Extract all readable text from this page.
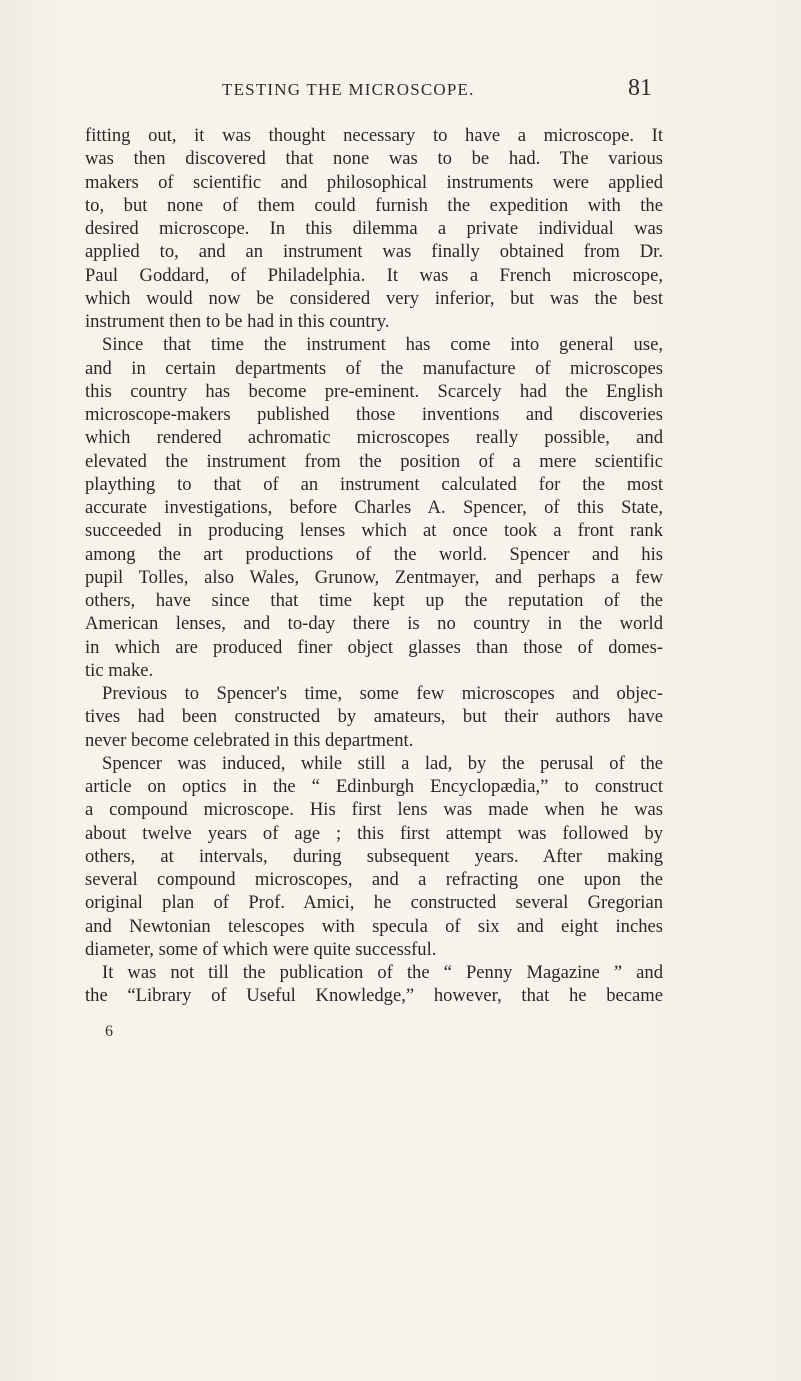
TESTING THE MICROSCOPE.	81
fitting out, it was thought necessary to have a microscope. It
was then discovered that none was to be had. The various
makers of scientific and philosophical instruments were applied
to, but none of them could furnish the expedition with the
desired microscope. In this dilemma a private individual was
applied to, and an instrument was finally obtained from Dr.
Paul Goddard, of Philadelphia. It was a French microscope,
which would now be considered very inferior, but was the best
instrument then to be had in this country.
Since that time the instrument has come into general use,
and in certain departments of the manufacture of microscopes
this country has become pre-eminent. Scarcely had the English
microscope-makers published those inventions and discoveries
which rendered achromatic microscopes really possible, and
elevated the instrument from the position of a mere scientific
plaything to that of an instrument calculated for the most
accurate investigations, before Charles A. Spencer, of this State,
succeeded in producing lenses which at once took a front rank
among the art productions of the world. Spencer and his
pupil Tolles, also Wales, Grunow, Zentmayer, and perhaps a few
others, have since that time kept up the reputation of the
American lenses, and to-day there is no country in the world
in which are produced finer object glasses than those of domes-
tic make.
Previous to Spencer's time, some few microscopes and objec-
tives had been constructed by amateurs, but their authors have
never become celebrated in this department.
Spencer was induced, while still a lad, by the perusal of the
article on optics in the “ Edinburgh Encyclopædia,” to construct
a compound microscope. His first lens was made when he was
about twelve years of age ; this first attempt was followed by
others, at intervals, during subsequent years. After making
several compound microscopes, and a refracting one upon the
original plan of Prof. Amici, he constructed several Gregorian
and Newtonian telescopes with specula of six and eight inches
diameter, some of which were quite successful.
It was not till the publication of the “ Penny Magazine ” and
the “Library of Useful Knowledge,” however, that he became
6
